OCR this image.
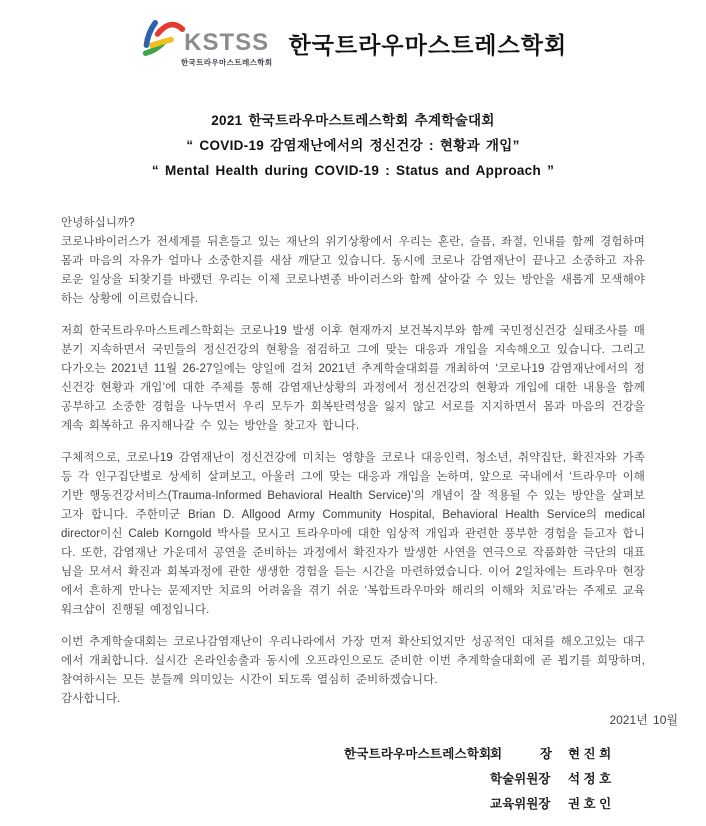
KSTSS
한국트라우마스트레스학회
한국트라우마스트레스학회
2021 한국트라우마스트레스학회 추계학술대회
“ COVID-19 감염재난에서의 정신건강 : 현황과 개입”
“ Mental Health during COVID-19 : Status and Approach ”

안녕하십니까?

코로나바이러스가 전세계를 뒤흔들고 있는 재난의 위기상황에서 우리는 혼란, 슬픔, 좌절, 인내를 함께 경험하며 몸과 마음의 자유가 얼마나 소중한지를 새삼 깨닫고 있습니다. 동시에 코로나 감염재난이 끝나고 소중하고 자유로운 일상을 되찾기를 바랬던 우리는 이제 코로나변종 바이러스와 함께 살아갈 수 있는 방안을 새롭게 모색해야하는 상황에 이르렀습니다.

저희 한국트라우마스트레스학회는 코로나19 발생 이후 현재까지 보건복지부와 함께 국민정신건강 실태조사를 매 분기 지속하면서 국민들의 정신건강의 현황을 점검하고 그에 맞는 대응과 개입을 지속해오고 있습니다. 그리고 다가오는 2021년 11월 26-27일에는 양일에 걸쳐 2021년 추계학술대회를 개최하여 ‘코로나19 감염재난에서의 정신건강 현황과 개입’에 대한 주제를 통해 감염재난상황의 과정에서 정신건강의 현황과 개입에 대한 내용을 함께 공부하고 소중한 경험을 나누면서 우리 모두가 회복탄력성을 잃지 않고 서로를 지지하면서 몸과 마음의 건강을 계속 회복하고 유지해나갈 수 있는 방안을 찾고자 합니다.

구체적으로, 코로나19 감염재난이 정신건강에 미치는 영향을 코로나 대응인력, 청소년, 취약집단, 확진자와 가족 등 각 인구집단별로 상세히 살펴보고, 아울러 그에 맞는 대응과 개입을 논하며, 앞으로 국내에서 ‘트라우마 이해기반 행동건강서비스(Trauma-Informed Behavioral Health Service)’의 개념이 잘 적용될 수 있는 방안을 살펴보고자 합니다. 주한미군 Brian D. Allgood Army Community Hospital, Behavioral Health Service의 medical director이신 Caleb Korngold 박사를 모시고 트라우마에 대한 임상적 개입과 관련한 풍부한 경험을 듣고자 합니다. 또한, 감염재난 가운데서 공연을 준비하는 과정에서 확진자가 발생한 사연을 연극으로 작품화한 극단의 대표님을 모셔서 확진과 회복과정에 관한 생생한 경험을 듣는 시간을 마련하였습니다. 이어 2일차에는 트라우마 현장에서 흔하게 만나는 문제지만 치료의 어려움을 겪기 쉬운 ‘복합트라우마와 해리의 이해와 치료’라는 주제로 교육워크샵이 진행될 예정입니다.

이번 추계학술대회는 코로나감염재난이 우리나라에서 가장 먼저 확산되었지만 성공적인 대처를 해오고있는 대구에서 개최합니다. 실시간 온라인송출과 동시에 오프라인으로도 준비한 이번 추계학술대회에 곧 뵙기를 희망하며, 참여하시는 모든 분들께 의미있는 시간이 되도록 열심히 준비하겠습니다.

감사합니다.

2021년 10월
한국트라우마스트레스학회
회 장 현 진 희
학술위원장 석 정 호
교육위원장 권 호 인
